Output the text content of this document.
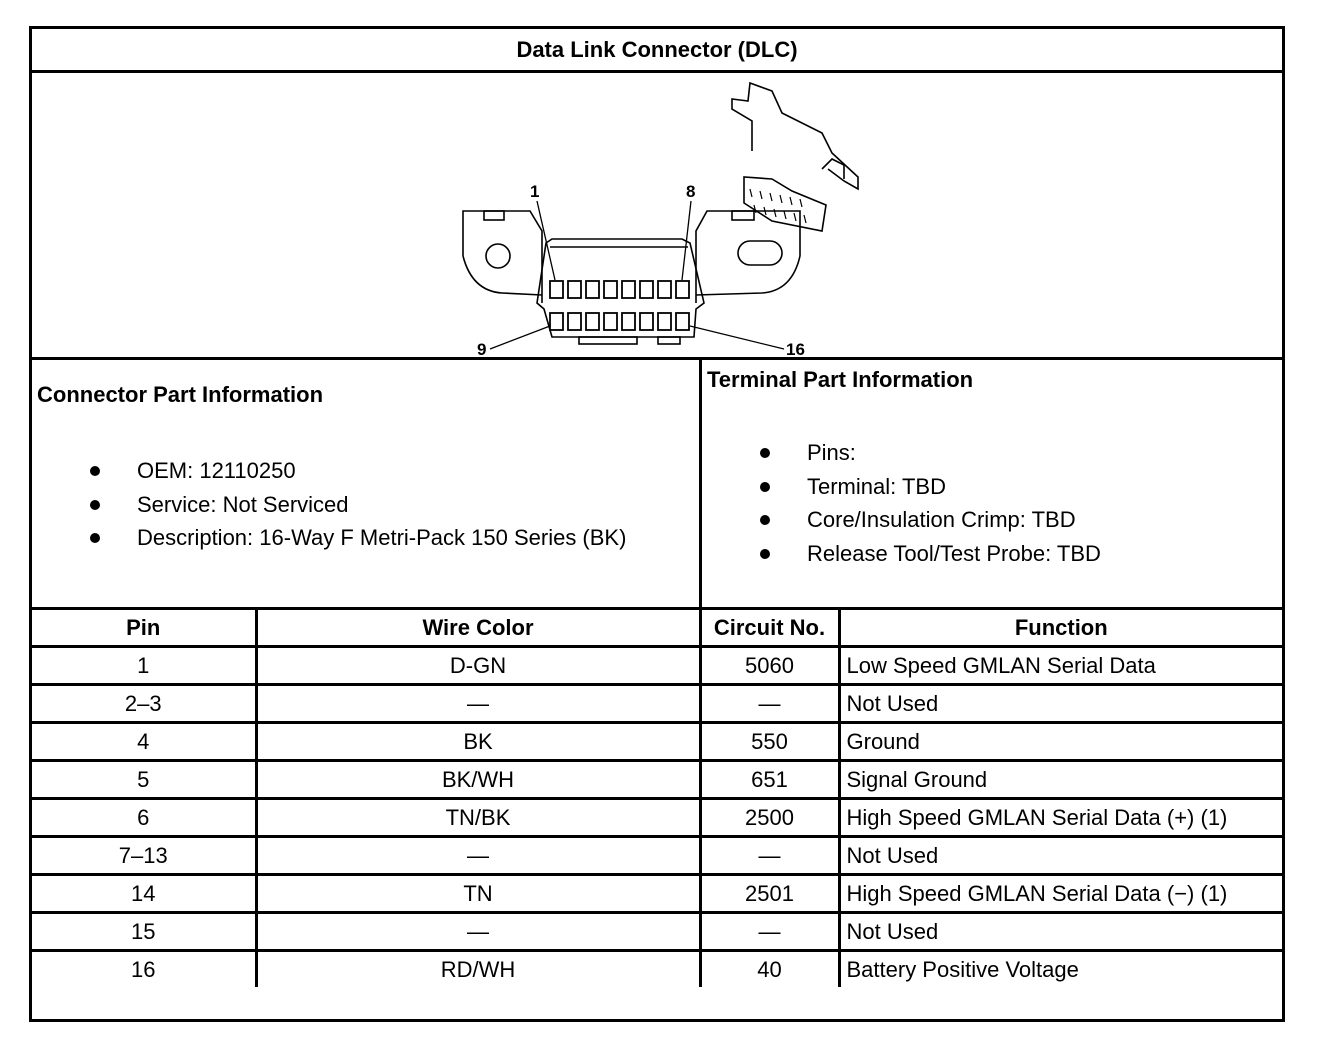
Data Link Connector (DLC)
1	8
9	16
Connector Part Information
OEM: 12110250
Service: Not Serviced
Description: 16-Way F Metri-Pack 150 Series (BK)
Terminal Part Information
Pins:
Terminal: TBD
Core/Insulation Crimp: TBD
Release Tool/Test Probe: TBD
Pin	Wire Color	Circuit No.	Function
1	D-GN	5060	Low Speed GMLAN Serial Data
2–3	—	—	Not Used
4	BK	550	Ground
5	BK/WH	651	Signal Ground
6	TN/BK	2500	High Speed GMLAN Serial Data (+) (1)
7–13	—	—	Not Used
14	TN	2501	High Speed GMLAN Serial Data (−) (1)
15	—	—	Not Used
16	RD/WH	40	Battery Positive Voltage
